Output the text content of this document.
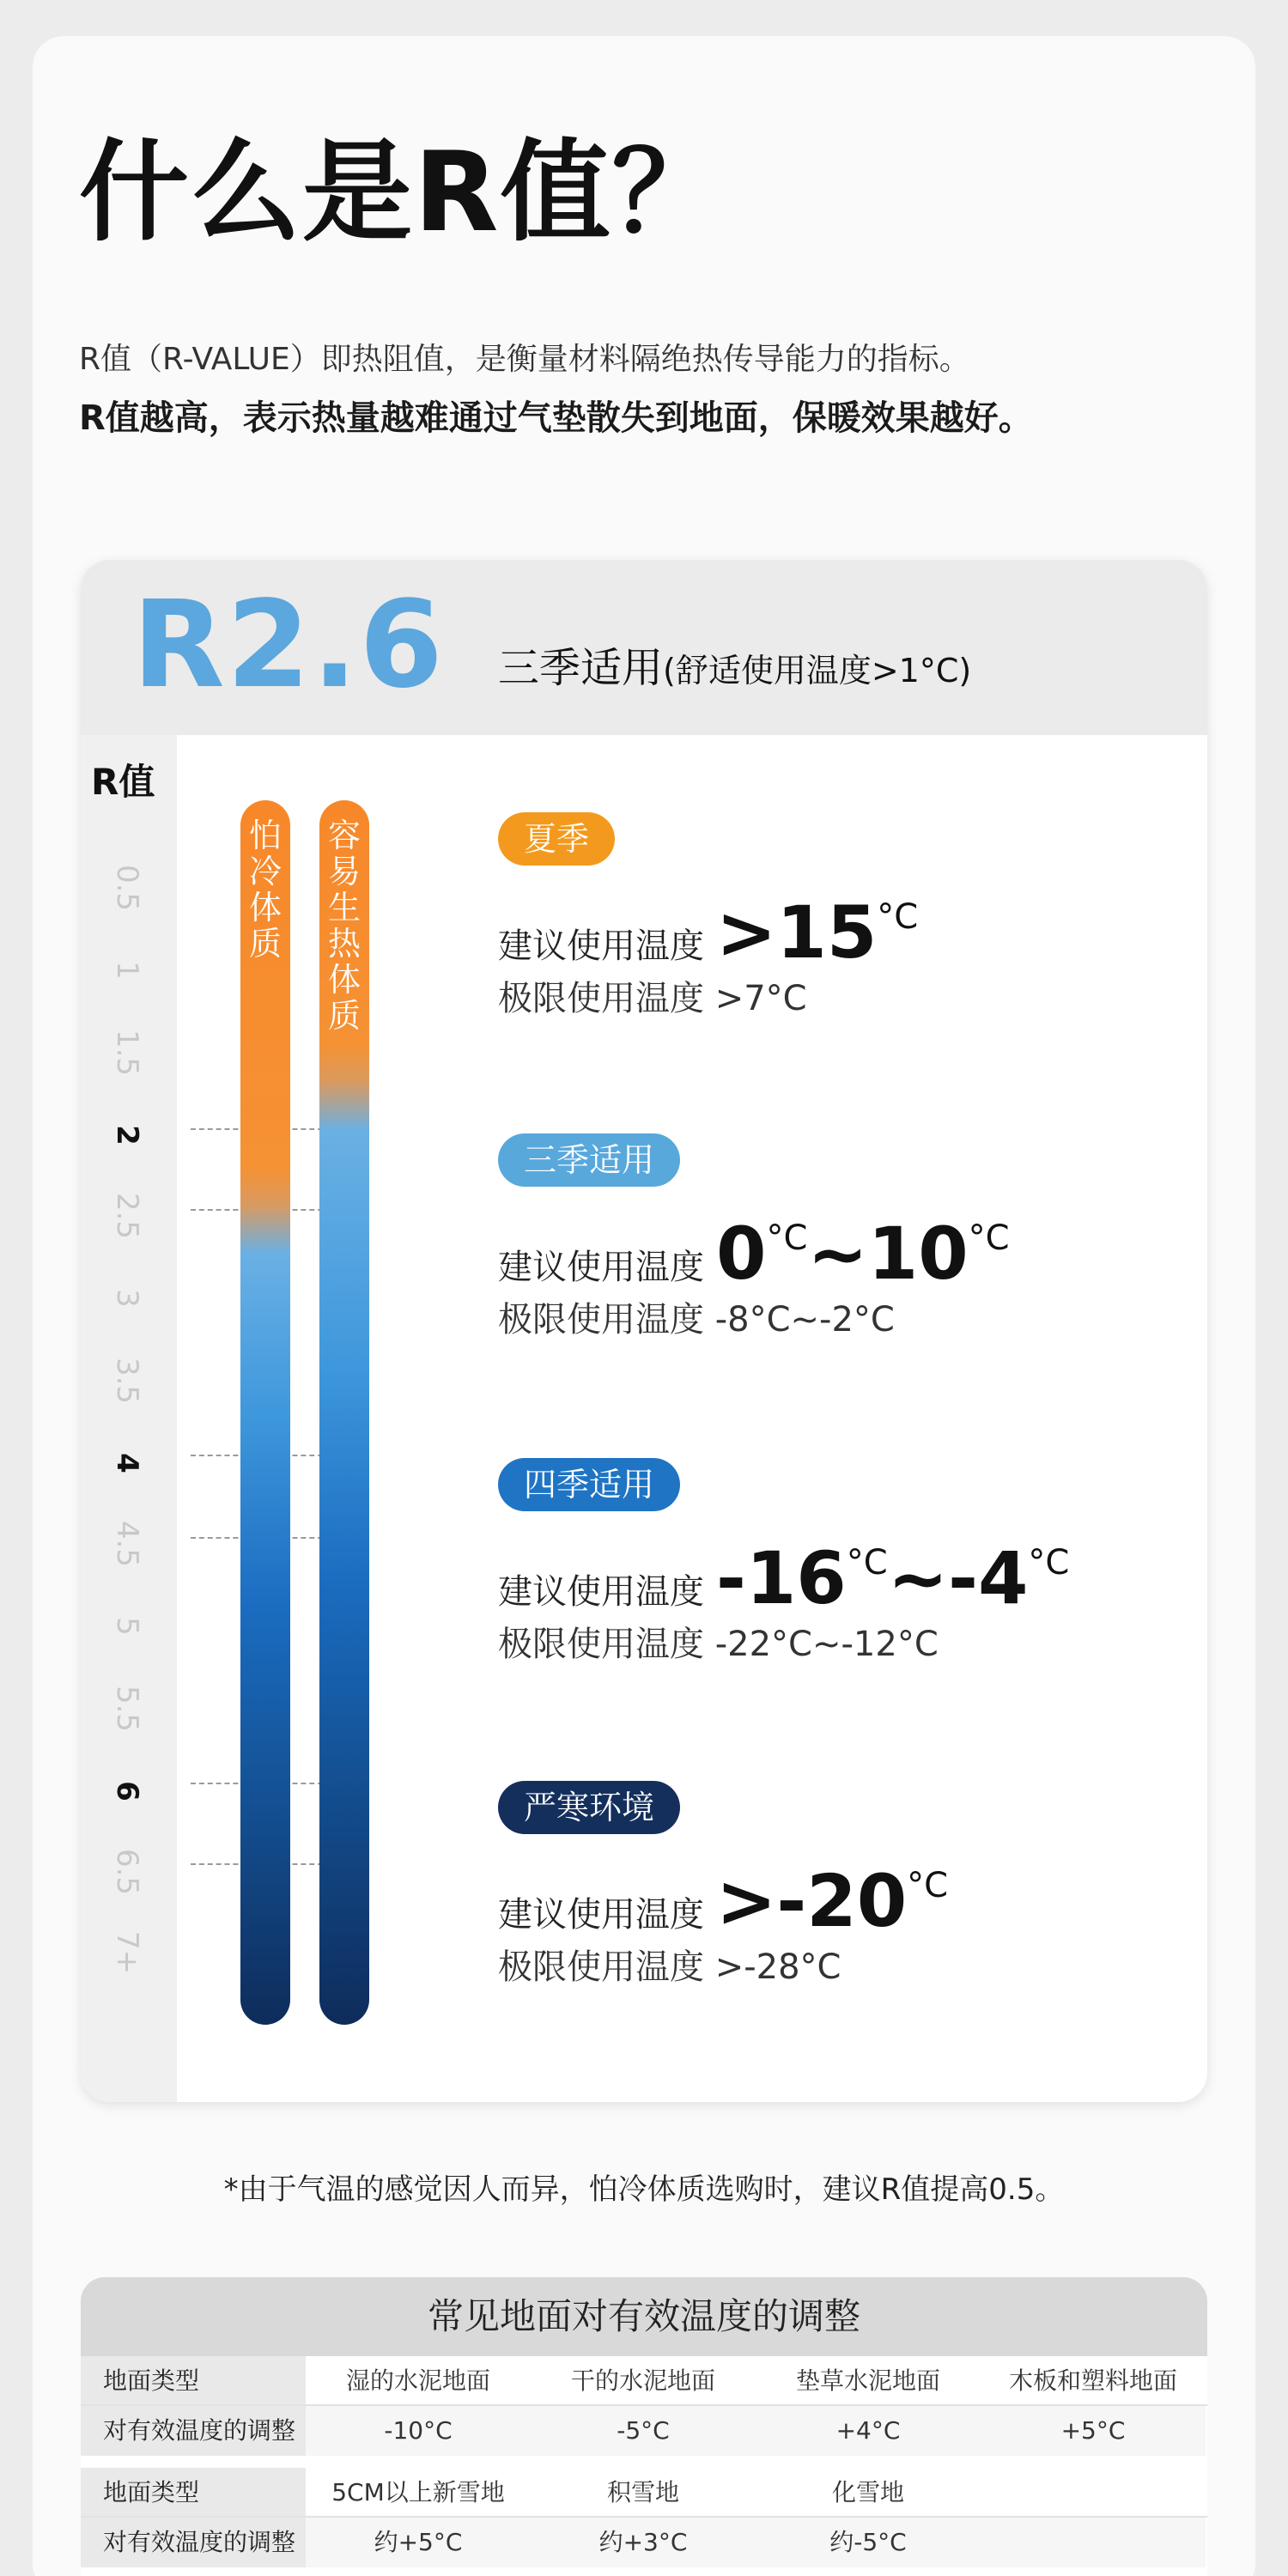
什么是R值？
R值（R-VALUE）即热阻值，是衡量材料隔绝热传导能力的指标。
R值越高，表示热量越难通过气垫散失到地面，保暖效果越好。
R2.6 三季适用(舒适使用温度>1°C)
R值
0.5
1
1.5
2
2.5
3
3.5
4
4.5
5
5.5
6
6.5
7+
怕冷体质
容易生热体质
夏季
建议使用温度 $>15^{^\circ C}$
极限使用温度 >7°C
三季适用
建议使用温度 $0^{^\circ C}\sim 10^{^\circ C}$
极限使用温度 -8°C~-2°C
四季适用
建议使用温度 $-16^{^\circ C}\sim-4^{^\circ C}$
极限使用温度 -22°C~-12°C
严寒环境
建议使用温度 $>-20^{^\circ C}$
极限使用温度 >-28°C
*由于气温的感觉因人而异，怕冷体质选购时，建议R值提高0.5。
常见地面对有效温度的调整
地面类型	湿的水泥地面	干的水泥地面	垫草水泥地面	木板和塑料地面
对有效温度的调整	-10°C	-5°C	+4°C	+5°C
地面类型	5CM以上新雪地	积雪地	化雪地
对有效温度的调整	约+5°C	约+3°C	约-5°C
